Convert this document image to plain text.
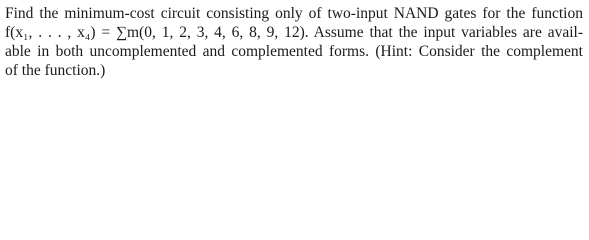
Find the minimum-cost circuit consisting only of two-input NAND gates for the function
f(x₁, . . . , x₄) = ∑m(0, 1, 2, 3, 4, 6, 8, 9, 12). Assume that the input variables are avail-
able in both uncomplemented and complemented forms. (Hint: Consider the complement
of the function.)
